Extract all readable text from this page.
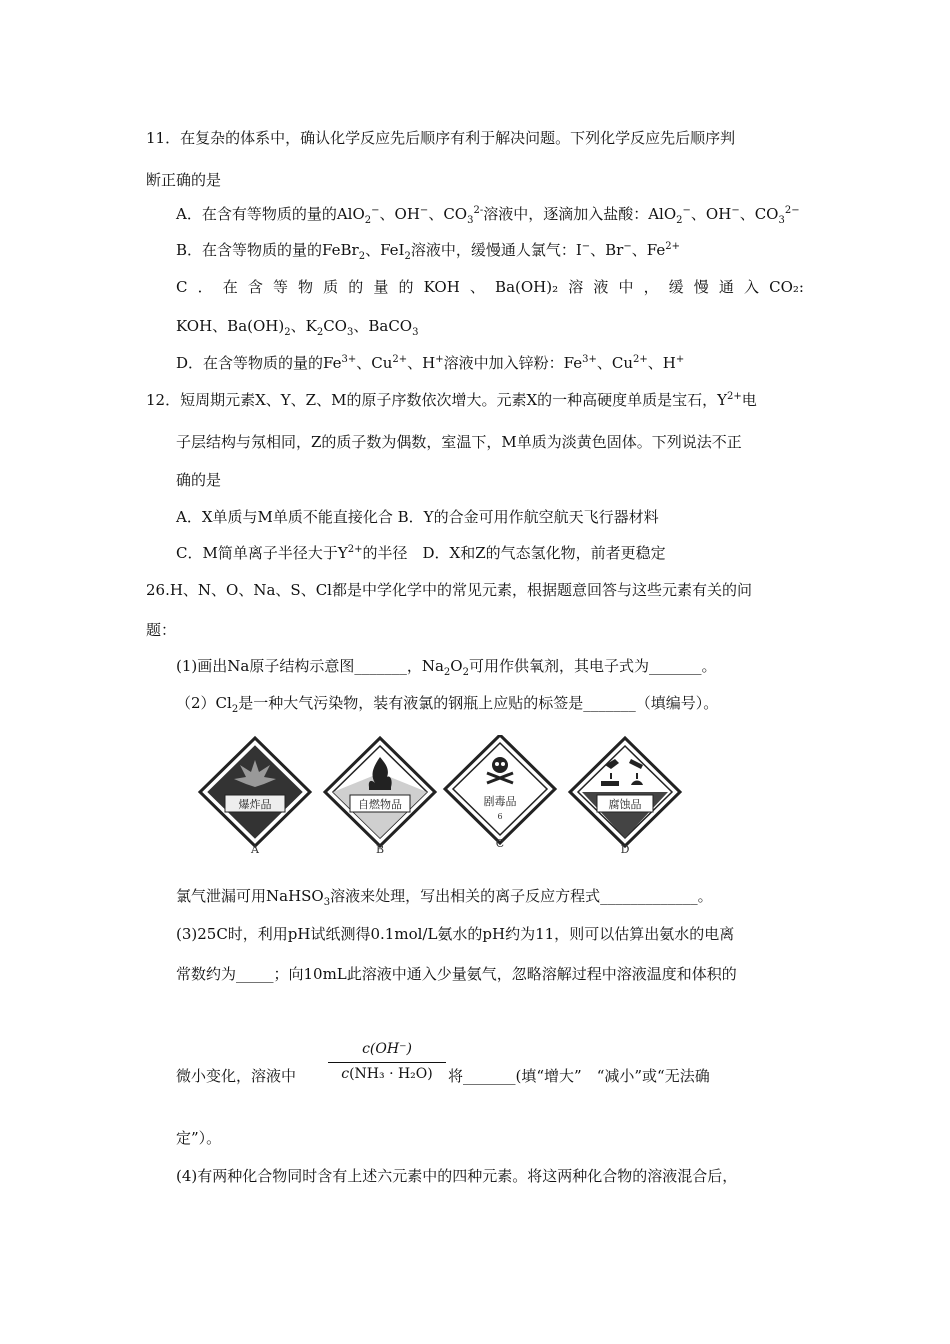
11．在复杂的体系中，确认化学反应先后顺序有利于解决问题。下列化学反应先后顺序判
断正确的是
A．在含有等物质的量的AlO$_2$−、OH−、$CO_3^{2-}$溶液中，逐滴加入盐酸：AlO$_2$−、OH−、$CO_3^{2-}$
B．在含等物质的量的FeBr$_2$、FeI$_2$溶液中，缓慢通人氯气：I−、Br−、$Fe^{2+}$
C．在含等物质的量的KOH、Ba(OH)₂溶液中，缓慢通入CO₂:
KOH、$Ba(OH)_2$、$K_2CO_3$、BaCO$_3$
D．在含等物质的量的$Fe^{3+}$、$Cu^{2+}$、H+溶液中加入锌粉：$Fe^{3+}$、$Cu^{2+}$、H+
12．短周期元素X、Y、Z、M的原子序数依次增大。元素X的一种高硬度单质是宝石，$Y^{2+}$电
子层结构与氖相同，Z的质子数为偶数，室温下，M单质为淡黄色固体。下列说法不正
确的是
A．X单质与M单质不能直接化合 B．Y的合金可用作航空航天飞行器材料
C．M简单离子半径大于$Y^{2+}$的半径　D．X和Z的气态氢化物，前者更稳定
26.H、N、O、Na、S、Cl都是中学化学中的常见元素，根据题意回答与这些元素有关的问
题：
(1)画出Na原子结构示意图_______，$Na_2O_2$可用作供氧剂，其电子式为_______。
$(2)Cl_2$是一种大气污染物，装有液氯的钢瓶上应贴的标签是_______（填编号）。
爆炸品
A
自燃物品
B
剧毒品
6
C
腐蚀品
D
氯气泄漏可用NaHSO$_3$溶液来处理，写出相关的离子反应方程式_____________。
(3)25C时，利用pH试纸测得0.1mol/L氨水的pH约为11，则可以估算出氨水的电离
常数约为_____；向10mL此溶液中通入少量氨气，忽略溶解过程中溶液温度和体积的
微小变化，溶液中
c(OH⁻)
c(NH₃ · H₂O)	将_______(填“增大”　“减小”或“无法确
定”）。
(4)有两种化合物同时含有上述六元素中的四种元素。将这两种化合物的溶液混合后，
